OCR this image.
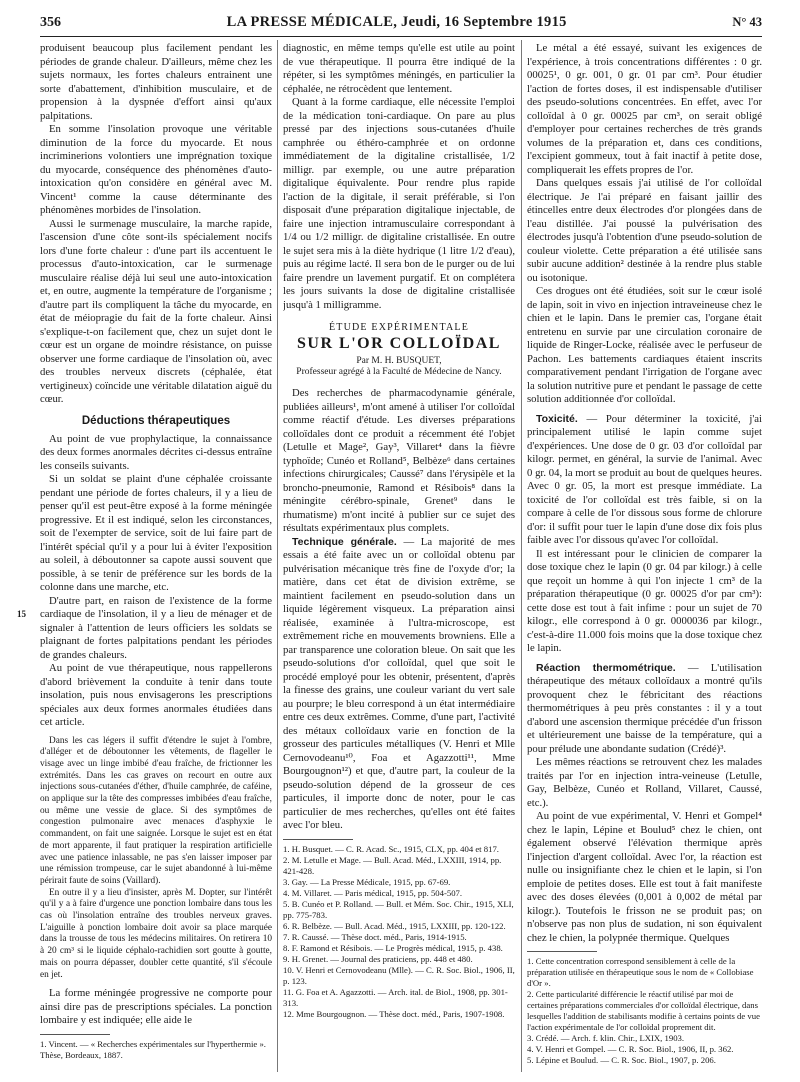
356	LA PRESSE MÉDICALE, Jeudi, 16 Septembre 1915	N° 43
15

produisent beaucoup plus facilement pendant les périodes de grande chaleur. D'ailleurs, même chez les sujets normaux, les fortes chaleurs entrainent une sorte d'abattement, d'inhibition musculaire, et de propension à la dyspnée d'effort ainsi qu'aux palpitations.

En somme l'insolation provoque une véritable diminution de la force du myocarde. Et nous incriminerions volontiers une imprégnation toxique du myocarde, conséquence des phénomènes d'auto-intoxication qu'on considère en général avec M. Vincent¹ comme la cause déterminante des phénomènes morbides de l'insolation.

Aussi le surmenage musculaire, la marche rapide, l'ascension d'une côte sont-ils spécialement nocifs lors d'une forte chaleur : d'une part ils accentuent le processus d'auto-intoxication, car le surmenage musculaire réalise déjà lui seul une auto-intoxication et, en outre, augmente la température de l'organisme ; d'autre part ils compliquent la tâche du myocarde, en état de méiopragie du fait de la forte chaleur. Ainsi s'explique-t-on facilement que, chez un sujet dont le cœur est un organe de moindre résistance, on puisse observer une forme cardiaque de l'insolation où, avec des troubles nerveux discrets (céphalée, état vertigineux) coïncide une véritable dilatation aiguë du cœur.

Déductions thérapeutiques

Au point de vue prophylactique, la connaissance des deux formes anormales décrites ci-dessus entraîne les conseils suivants.

Si un soldat se plaint d'une céphalée croissante pendant une période de fortes chaleurs, il y a lieu de penser qu'il est peut-être exposé à la forme méningée progressive. Et il est indiqué, selon les circonstances, soit de l'exempter de service, soit de lui faire part de l'intérêt spécial qu'il y a pour lui à éviter l'exposition au soleil, à déboutonner sa capote aussi souvent que possible, à se tenir de préférence sur les bords de la colonne dans une marche, etc.

D'autre part, en raison de l'existence de la forme cardiaque de l'insolation, il y a lieu de ménager et de signaler à l'attention de leurs officiers les soldats se plaignant de fortes palpitations pendant les périodes de grandes chaleurs.

Au point de vue thérapeutique, nous rappellerons d'abord brièvement la conduite à tenir dans toute insolation, puis nous envisagerons les prescriptions spéciales aux deux formes anormales étudiées dans cet article.

Dans les cas légers il suffit d'étendre le sujet à l'ombre, d'alléger et de déboutonner les vêtements, de flageller le visage avec un linge imbibé d'eau fraîche, de frictionner les extrémités. Dans les cas graves on recourt en outre aux injections sous-cutanées d'éther, d'huile camphrée, de caféine, on applique sur la tête des compresses imbibées d'eau fraîche, ou même une vessie de glace. Si des symptômes de congestion pulmonaire avec menaces d'asphyxie le commandent, on fait une saignée. Lorsque le sujet est en état de mort apparente, il faut pratiquer la respiration artificielle avec une patience inlassable, ne pas s'en laisser imposer par une rémission trompeuse, car le sujet abandonné à lui-même périrait faute de soins (Vaillard).

En outre il y a lieu d'insister, après M. Dopter, sur l'intérêt qu'il y a à faire d'urgence une ponction lombaire dans tous les cas où l'insolation entraîne des troubles nerveux graves. L'aiguille à ponction lombaire doit avoir sa place marquée dans la trousse de tous les médecins militaires. On retirera 10 à 20 cm³ si le liquide céphalo-rachidien sort goutte à goutte, mais on pourra dépasser, doubler cette quantité, s'il s'écoule en jet.

La forme méningée progressive ne comporte pour ainsi dire pas de prescriptions spéciales. La ponction lombaire y est indiquée; elle aide le

1. Vincent. — « Recherches expérimentales sur l'hyperthermie ». Thèse, Bordeaux, 1887.

diagnostic, en même temps qu'elle est utile au point de vue thérapeutique. Il pourra être indiqué de la répéter, si les symptômes méningés, en particulier la céphalée, ne rétrocèdent que lentement.

Quant à la forme cardiaque, elle nécessite l'emploi de la médication toni-cardiaque. On pare au plus pressé par des injections sous-cutanées d'huile camphrée ou éthéro-camphrée et on ordonne immédiatement de la digitaline cristallisée, 1/2 milligr. par exemple, ou une autre préparation digitalique équivalente. Pour rendre plus rapide l'action de la digitale, il serait préférable, si l'on disposait d'une préparation digitalique injectable, de faire une injection intramusculaire correspondant à 1/4 ou 1/2 milligr. de digitaline cristallisée. En outre le sujet sera mis à la diète hydrique (1 litre 1/2 d'eau), puis au régime lacté. Il sera bon de le purger ou de lui faire prendre un lavement purgatif. Et on complétera les jours suivants la dose de digitaline cristallisée jusqu'à 1 milligramme.

ÉTUDE EXPÉRIMENTALE
SUR L'OR COLLOÏDAL
Par M. H. BUSQUET,
Professeur agrégé à la Faculté de Médecine de Nancy.

Des recherches de pharmacodynamie générale, publiées ailleurs¹, m'ont amené à utiliser l'or colloïdal comme réactif d'étude. Les diverses préparations colloïdales dont ce produit a récemment été l'objet (Letulle et Mage², Gay³, Villaret⁴ dans la fièvre typhoïde; Cunéo et Rolland⁵, Belbèze⁶ dans certaines infections chirurgicales; Caussé⁷ dans l'érysipèle et la broncho-pneumonie, Ramond et Résibois⁸ dans la méningite cérébro-spinale, Grenet⁹ dans le rhumatisme) m'ont incité à publier sur ce sujet des résultats expérimentaux plus complets.

Technique générale. — La majorité de mes essais a été faite avec un or colloïdal obtenu par pulvérisation mécanique très fine de l'oxyde d'or; la matière, dans cet état de division extrême, se maintient facilement en pseudo-solution dans un liquide légèrement visqueux. La préparation ainsi réalisée, examinée à l'ultra-microscope, est extrêmement riche en mouvements browniens. Elle a par transparence une coloration bleue. On sait que les pseudo-solutions d'or colloïdal, quel que soit le procédé employé pour les obtenir, présentent, d'après la finesse des grains, une couleur variant du vert sale au pourpre; le bleu correspond à un état intermédiaire entre ces deux extrêmes. Comme, d'une part, l'activité des métaux colloïdaux varie en fonction de la grosseur des particules métalliques (V. Henri et Mlle Cernovodeanu¹⁰, Foa et Agazzotti¹¹, Mme Bourgougnon¹²) et que, d'autre part, la couleur de la pseudo-solution dépend de la grosseur de ces particules, il importe donc de noter, pour le cas particulier de mes recherches, qu'elles ont été faites avec l'or bleu.

1. H. Busquet. — C. R. Acad. Sc., 1915, CLX, pp. 404 et 817.

2. M. Letulle et Mage. — Bull. Acad. Méd., LXXIII, 1914, pp. 421-428.

3. Gay. — La Presse Médicale, 1915, pp. 67-69.

4. M. Villaret. — Paris médical, 1915, pp. 504-507.

5. B. Cunéo et P. Rolland. — Bull. et Mém. Soc. Chir., 1915, XLI, pp. 775-783.

6. R. Belbèze. — Bull. Acad. Méd., 1915, LXXIII, pp. 120-122.

7. R. Caussé. — Thèse doct. méd., Paris, 1914-1915.

8. F. Ramond et Résibois. — Le Progrès médical, 1915, p. 438.

9. H. Grenet. — Journal des praticiens, pp. 448 et 480.

10. V. Henri et Cernovodeanu (Mlle). — C. R. Soc. Biol., 1906, II, p. 123.

11. G. Foa et A. Agazzotti. — Arch. ital. de Biol., 1908, pp. 301-313.

12. Mme Bourgougnon. — Thèse doct. méd., Paris, 1907-1908.

Le métal a été essayé, suivant les exigences de l'expérience, à trois concentrations différentes : 0 gr. 00025¹, 0 gr. 001, 0 gr. 01 par cm³. Pour étudier l'action de fortes doses, il est indispensable d'utiliser des pseudo-solutions concentrées. En effet, avec l'or colloïdal à 0 gr. 00025 par cm³, on serait obligé d'employer pour certaines recherches de très grands volumes de la préparation et, dans ces conditions, l'excipient gommeux, tout à fait inactif à petite dose, compliquerait les effets propres de l'or.

Dans quelques essais j'ai utilisé de l'or colloïdal électrique. Je l'ai préparé en faisant jaillir des étincelles entre deux électrodes d'or plongées dans de l'eau distillée. J'ai poussé la pulvérisation des électrodes jusqu'à l'obtention d'une pseudo-solution de couleur violette. Cette préparation a été utilisée sans subir aucune addition² destinée à la rendre plus stable ou isotonique.

Ces drogues ont été étudiées, soit sur le cœur isolé de lapin, soit in vivo en injection intraveineuse chez le chien et le lapin. Dans le premier cas, l'organe était entretenu en survie par une circulation coronaire de liquide de Ringer-Locke, réalisée avec le perfuseur de Pachon. Les battements cardiaques étaient inscrits comparativement pendant l'irrigation de l'organe avec la solution nutritive pure et pendant le passage de cette solution additionnée d'or colloïdal.

Toxicité. — Pour déterminer la toxicité, j'ai principalement utilisé le lapin comme sujet d'expériences. Une dose de 0 gr. 03 d'or colloïdal par kilogr. permet, en général, la survie de l'animal. Avec 0 gr. 04, la mort se produit au bout de quelques heures. Avec 0 gr. 05, la mort est presque immédiate. La toxicité de l'or colloïdal est très faible, si on la compare à celle de l'or dissous sous forme de chlorure d'or: il suffit pour tuer le lapin d'une dose dix fois plus faible avec l'or dissous qu'avec l'or colloïdal.

Il est intéressant pour le clinicien de comparer la dose toxique chez le lapin (0 gr. 04 par kilogr.) à celle que reçoit un homme à qui l'on injecte 1 cm³ de la préparation thérapeutique (0 gr. 00025 d'or par cm³): cette dose est tout à fait infime : pour un sujet de 70 kilogr., elle correspond à 0 gr. 0000036 par kilogr., c'est-à-dire 11.000 fois moins que la dose toxique chez le lapin.

Réaction thermométrique. — L'utilisation thérapeutique des métaux colloïdaux a montré qu'ils provoquent chez le fébricitant des réactions thermométriques à peu près constantes : il y a tout d'abord une ascension thermique précédée d'un frisson et ultérieurement une baisse de la température, qui a pour prélude une abondante sudation (Crédé)³.

Les mêmes réactions se retrouvent chez les malades traités par l'or en injection intra-veineuse (Letulle, Gay, Belbèze, Cunéo et Rolland, Villaret, Caussé, etc.).

Au point de vue expérimental, V. Henri et Gompel⁴ chez le lapin, Lépine et Boulud⁵ chez le chien, ont également observé l'élévation thermique après l'injection d'argent colloïdal. Avec l'or, la réaction est nulle ou insignifiante chez le chien et le lapin, si l'on emploie de petites doses. Elle est tout à fait manifeste avec des doses élevées (0,001 à 0,002 de métal par kilogr.). Toutefois le frisson ne se produit pas; on n'observe pas non plus de sudation, ni son équivalent chez le chien, la polypnée thermique. Quelques

1. Cette concentration correspond sensiblement à celle de la préparation utilisée en thérapeutique sous le nom de « Collobiase d'Or ».

2. Cette particularité différencie le réactif utilisé par moi de certaines préparations commerciales d'or colloïdal électrique, dans lesquelles l'addition de stabilisants modifie à certains points de vue l'action expérimentale de l'or colloïdal proprement dit.

3. Crédé. — Arch. f. klin. Chir., LXIX, 1903.

4. V. Henri et Gompel. — C. R. Soc. Biol., 1906, II, p. 362.

5. Lépine et Boulud. — C. R. Soc. Biol., 1907, p. 206.
